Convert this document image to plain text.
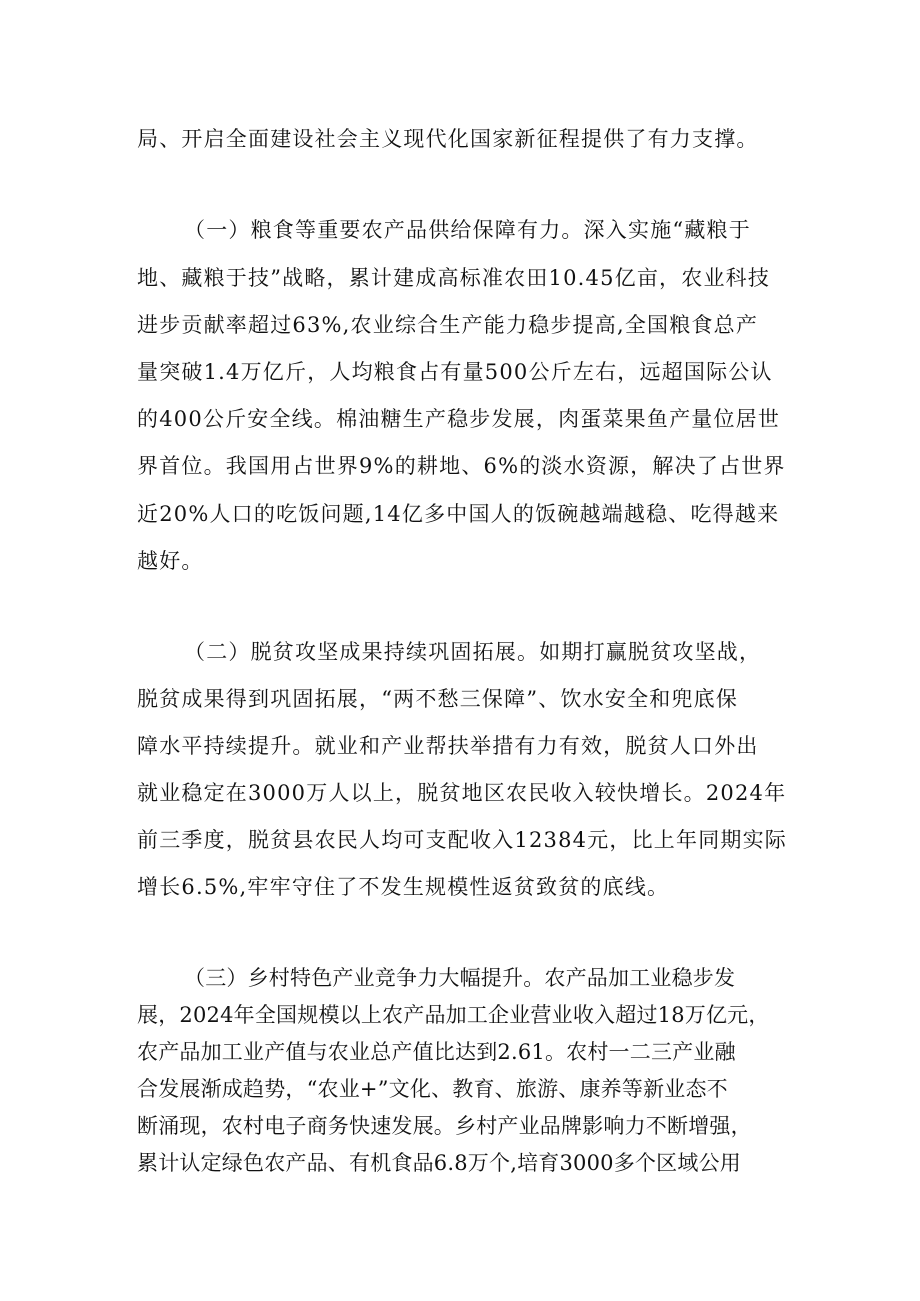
局、开启全面建设社会主义现代化国家新征程提供了有力支撑。
（一）粮食等重要农产品供给保障有力。深入实施“藏粮于
地、藏粮于技”战略，累计建成高标准农田10.45亿亩，农业科技
进步贡献率超过63%,农业综合生产能力稳步提高,全国粮食总产
量突破1.4万亿斤，人均粮食占有量500公斤左右，远超国际公认
的400公斤安全线。棉油糖生产稳步发展，肉蛋菜果鱼产量位居世
界首位。我国用占世界9%的耕地、6%的淡水资源，解决了占世界
近20%人口的吃饭问题,14亿多中国人的饭碗越端越稳、吃得越来
越好。
（二）脱贫攻坚成果持续巩固拓展。如期打赢脱贫攻坚战，
脱贫成果得到巩固拓展，“两不愁三保障”、饮水安全和兜底保
障水平持续提升。就业和产业帮扶举措有力有效，脱贫人口外出
就业稳定在3000万人以上，脱贫地区农民收入较快增长。2024年
前三季度，脱贫县农民人均可支配收入12384元，比上年同期实际
增长6.5%,牢牢守住了不发生规模性返贫致贫的底线。
（三）乡村特色产业竞争力大幅提升。农产品加工业稳步发
展，2024年全国规模以上农产品加工企业营业收入超过18万亿元，
农产品加工业产值与农业总产值比达到2.61。农村一二三产业融
合发展渐成趋势，“农业+”文化、教育、旅游、康养等新业态不
断涌现，农村电子商务快速发展。乡村产业品牌影响力不断增强，
累计认定绿色农产品、有机食品6.8万个,培育3000多个区域公用
